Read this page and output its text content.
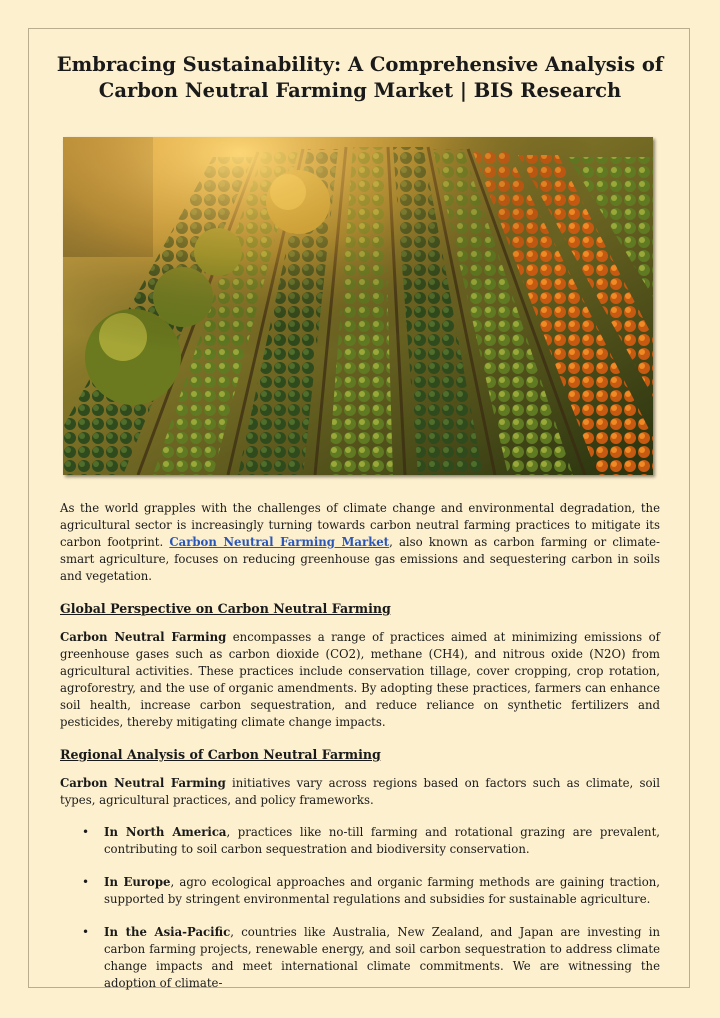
Embracing Sustainability: A Comprehensive Analysis of
Carbon Neutral Farming Market | BIS Research

As the world grapples with the challenges of climate change and environmental degradation, the agricultural sector is increasingly turning towards carbon neutral farming practices to mitigate its carbon footprint. Carbon Neutral Farming Market, also known as carbon farming or climate-smart agriculture, focuses on reducing greenhouse gas emissions and sequestering carbon in soils and vegetation.

Global Perspective on Carbon Neutral Farming

Carbon Neutral Farming encompasses a range of practices aimed at minimizing emissions of greenhouse gases such as carbon dioxide (CO2), methane (CH4), and nitrous oxide (N2O) from agricultural activities. These practices include conservation tillage, cover cropping, crop rotation, agroforestry, and the use of organic amendments. By adopting these practices, farmers can enhance soil health, increase carbon sequestration, and reduce reliance on synthetic fertilizers and pesticides, thereby mitigating climate change impacts.

Regional Analysis of Carbon Neutral Farming

Carbon Neutral Farming initiatives vary across regions based on factors such as climate, soil types, agricultural practices, and policy frameworks.

• In North America, practices like no-till farming and rotational grazing are prevalent, contributing to soil carbon sequestration and biodiversity conservation.
• In Europe, agro ecological approaches and organic farming methods are gaining traction, supported by stringent environmental regulations and subsidies for sustainable agriculture.
• In the Asia-Pacific, countries like Australia, New Zealand, and Japan are investing in carbon farming projects, renewable energy, and soil carbon sequestration to address climate change impacts and meet international climate commitments. We are witnessing the adoption of climate-
